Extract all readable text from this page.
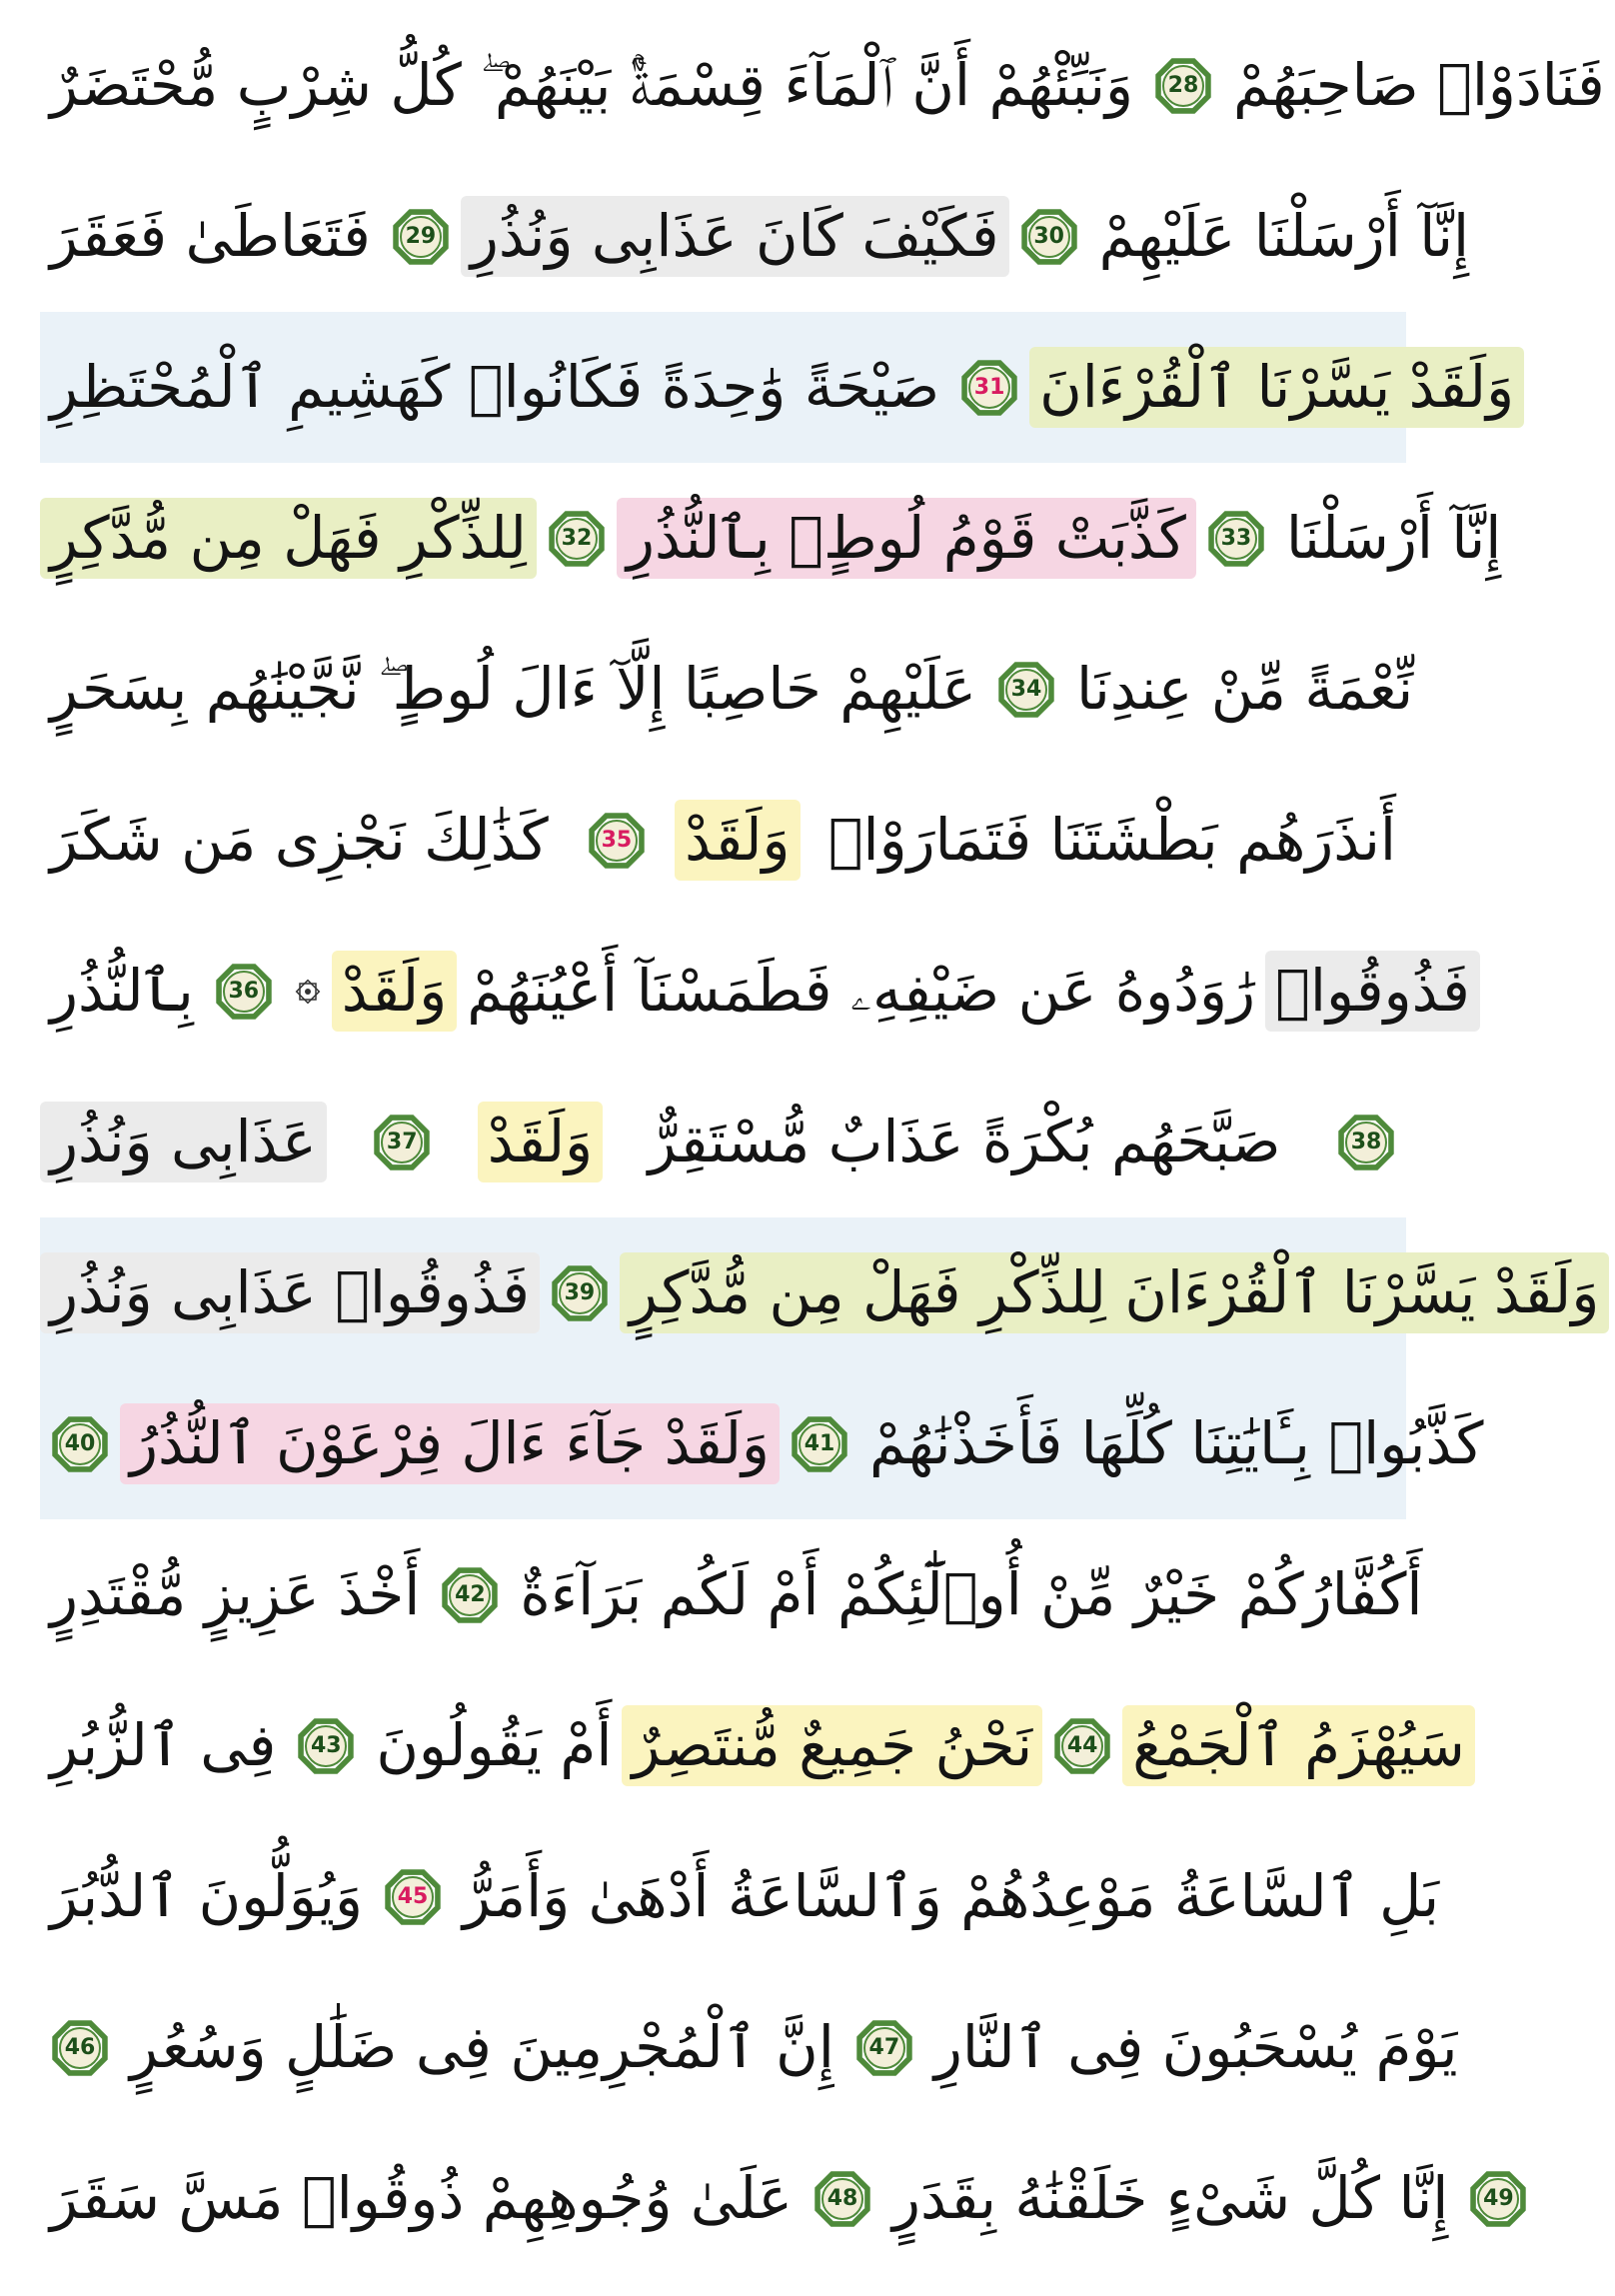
وَنَبِّئْهُمْ أَنَّ ٱلْمَآءَ قِسْمَةٌۢ بَيْنَهُمْ ۖ كُلُّ شِرْبٍ مُّحْتَضَرٌ	28 فَنَادَوْا۟ صَاحِبَهُمْ
فَتَعَاطَىٰ فَعَقَرَ	29 فَكَيْفَ كَانَ عَذَابِى وَنُذُرِ	30 إِنَّآ أَرْسَلْنَا عَلَيْهِمْ
صَيْحَةً وَٰحِدَةً فَكَانُوا۟ كَهَشِيمِ ٱلْمُحْتَظِرِ	31 وَلَقَدْ يَسَّرْنَا ٱلْقُرْءَانَ
لِلذِّكْرِ فَهَلْ مِن مُّدَّكِرٍ	32 كَذَّبَتْ قَوْمُ لُوطٍۭ بِٱلنُّذُرِ	33 إِنَّآ أَرْسَلْنَا
عَلَيْهِمْ حَاصِبًا إِلَّآ ءَالَ لُوطٍ ۖ نَّجَّيْنَٰهُم بِسَحَرٍ	34 نِّعْمَةً مِّنْ عِندِنَا
كَذَٰلِكَ نَجْزِى مَن شَكَرَ	35 وَلَقَدْ أَنذَرَهُم بَطْشَتَنَا فَتَمَارَوْا۟
بِٱلنُّذُرِ	36 وَلَقَدْ رَٰوَدُوهُ عَن ضَيْفِهِۦ فَطَمَسْنَآ أَعْيُنَهُمْ فَذُوقُوا۟
عَذَابِى وَنُذُرِ	37 وَلَقَدْ صَبَّحَهُم بُكْرَةً عَذَابٌ مُّسْتَقِرٌّ	38
فَذُوقُوا۟ عَذَابِى وَنُذُرِ	39 وَلَقَدْ يَسَّرْنَا ٱلْقُرْءَانَ لِلذِّكْرِ فَهَلْ مِن مُّدَّكِرٍ
40 وَلَقَدْ جَآءَ ءَالَ فِرْعَوْنَ ٱلنُّذُرُ	41 كَذَّبُوا۟ بِـَٔايَٰتِنَا كُلِّهَا فَأَخَذْنَٰهُمْ
أَخْذَ عَزِيزٍ مُّقْتَدِرٍ	42 أَكُفَّارُكُمْ خَيْرٌ مِّنْ أُو۟لَٰٓئِكُمْ أَمْ لَكُم بَرَآءَةٌ
فِى ٱلزُّبُرِ	43 أَمْ يَقُولُونَ نَحْنُ جَمِيعٌ مُّنتَصِرٌ	44 سَيُهْزَمُ ٱلْجَمْعُ
وَيُوَلُّونَ ٱلدُّبُرَ	45 بَلِ ٱلسَّاعَةُ مَوْعِدُهُمْ وَٱلسَّاعَةُ أَدْهَىٰ وَأَمَرُّ
46 إِنَّ ٱلْمُجْرِمِينَ فِى ضَلَٰلٍ وَسُعُرٍ	47 يَوْمَ يُسْحَبُونَ فِى ٱلنَّارِ
عَلَىٰ وُجُوهِهِمْ ذُوقُوا۟ مَسَّ سَقَرَ	48 إِنَّا كُلَّ شَىْءٍ خَلَقْنَٰهُ بِقَدَرٍ	49
